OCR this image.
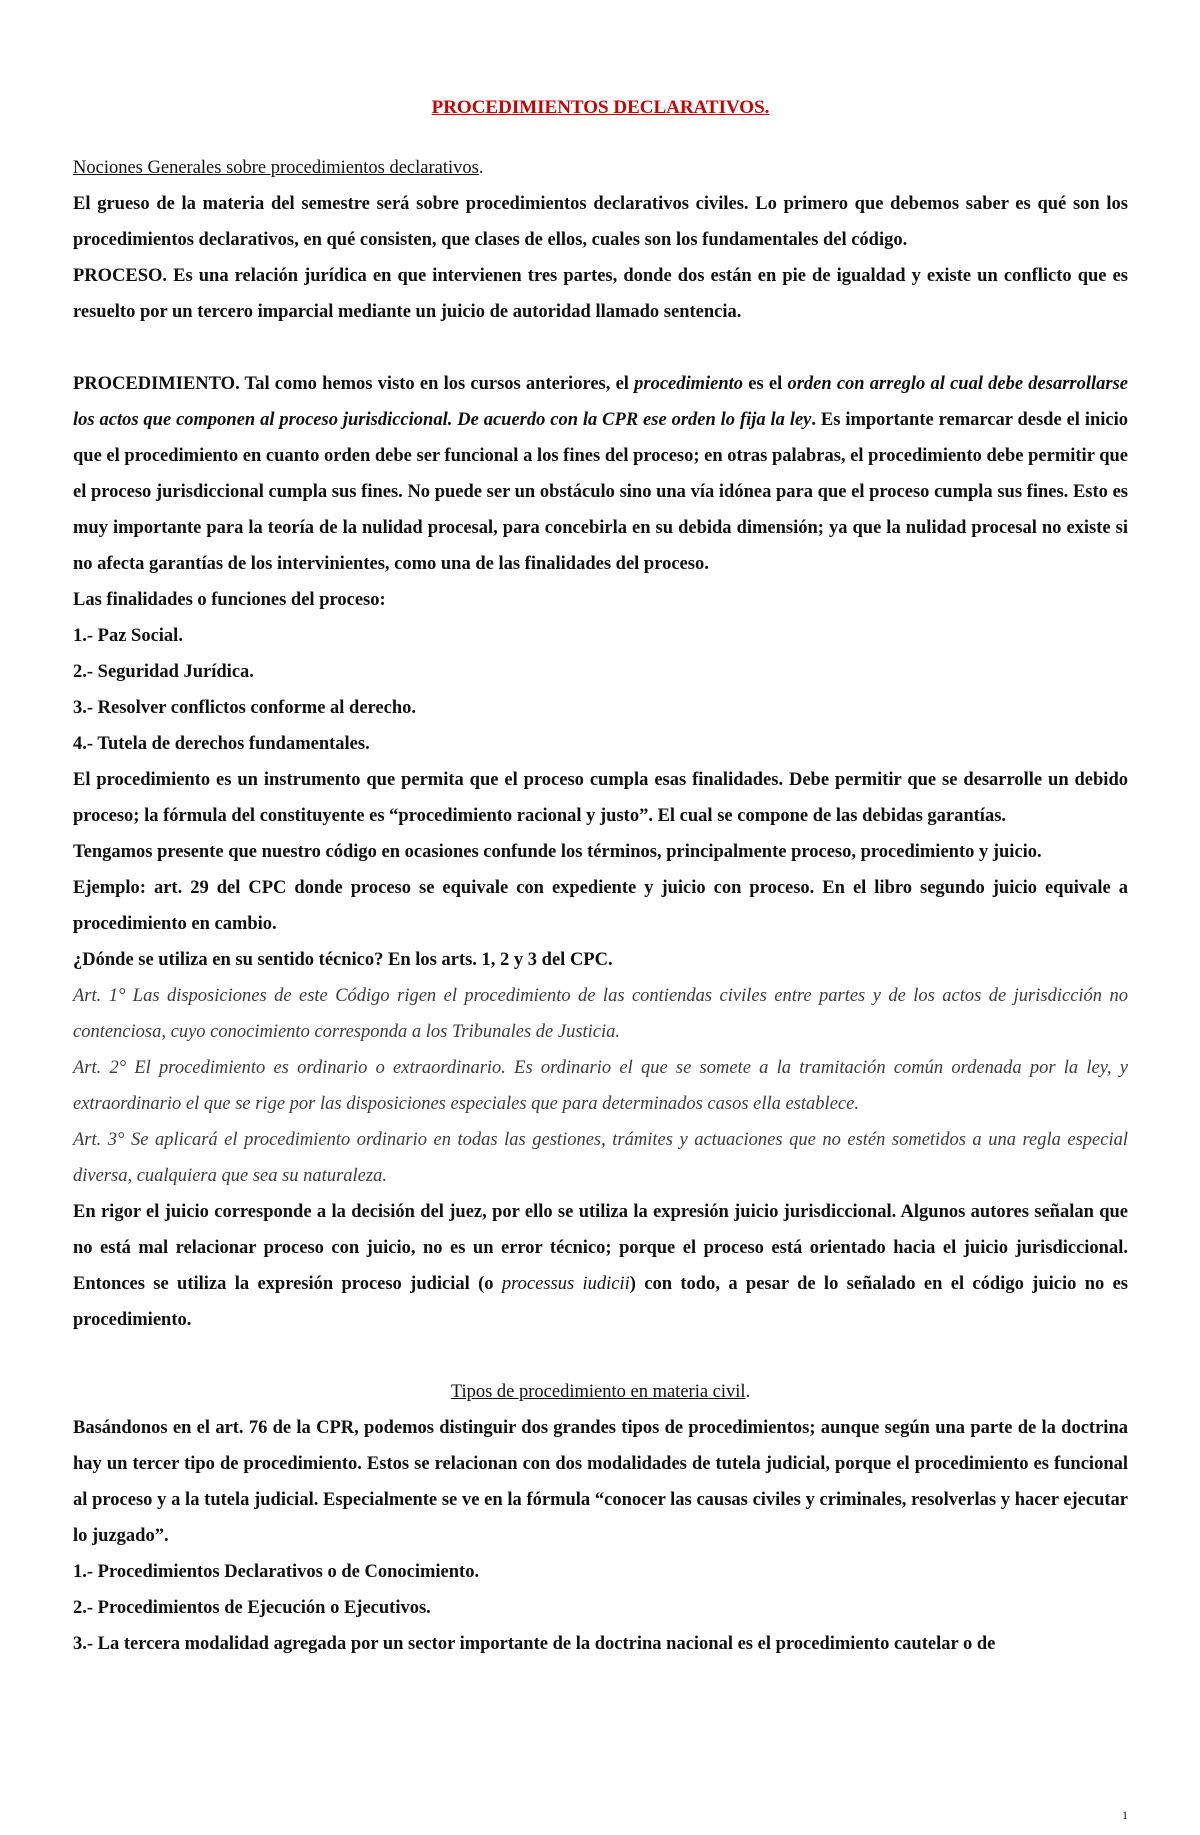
PROCEDIMIENTOS DECLARATIVOS.

Nociones Generales sobre procedimientos declarativos.

El grueso de la materia del semestre será sobre procedimientos declarativos civiles. Lo primero que debemos saber es qué son los procedimientos declarativos, en qué consisten, que clases de ellos, cuales son los fundamentales del código.

PROCESO. Es una relación jurídica en que intervienen tres partes, donde dos están en pie de igualdad y existe un conflicto que es resuelto por un tercero imparcial mediante un juicio de autoridad llamado sentencia.

PROCEDIMIENTO. Tal como hemos visto en los cursos anteriores, el procedimiento es el orden con arreglo al cual debe desarrollarse los actos que componen al proceso jurisdiccional. De acuerdo con la CPR ese orden lo fija la ley. Es importante remarcar desde el inicio que el procedimiento en cuanto orden debe ser funcional a los fines del proceso; en otras palabras, el procedimiento debe permitir que el proceso jurisdiccional cumpla sus fines. No puede ser un obstáculo sino una vía idónea para que el proceso cumpla sus fines. Esto es muy importante para la teoría de la nulidad procesal, para concebirla en su debida dimensión; ya que la nulidad procesal no existe si no afecta garantías de los intervinientes, como una de las finalidades del proceso.

Las finalidades o funciones del proceso:

1.- Paz Social.

2.- Seguridad Jurídica.

3.- Resolver conflictos conforme al derecho.

4.- Tutela de derechos fundamentales.

El procedimiento es un instrumento que permita que el proceso cumpla esas finalidades. Debe permitir que se desarrolle un debido proceso; la fórmula del constituyente es “procedimiento racional y justo”. El cual se compone de las debidas garantías.

Tengamos presente que nuestro código en ocasiones confunde los términos, principalmente proceso, procedimiento y juicio.

Ejemplo: art. 29 del CPC donde proceso se equivale con expediente y juicio con proceso. En el libro segundo juicio equivale a procedimiento en cambio.

¿Dónde se utiliza en su sentido técnico? En los arts. 1, 2 y 3 del CPC.

Art. 1° Las disposiciones de este Código rigen el procedimiento de las contiendas civiles entre partes y de los actos de jurisdicción no contenciosa, cuyo conocimiento corresponda a los Tribunales de Justicia.

Art. 2° El procedimiento es ordinario o extraordinario. Es ordinario el que se somete a la tramitación común ordenada por la ley, y extraordinario el que se rige por las disposiciones especiales que para determinados casos ella establece.

Art. 3° Se aplicará el procedimiento ordinario en todas las gestiones, trámites y actuaciones que no estén sometidos a una regla especial diversa, cualquiera que sea su naturaleza.

En rigor el juicio corresponde a la decisión del juez, por ello se utiliza la expresión juicio jurisdiccional. Algunos autores señalan que no está mal relacionar proceso con juicio, no es un error técnico; porque el proceso está orientado hacia el juicio jurisdiccional. Entonces se utiliza la expresión proceso judicial (o processus iudicii) con todo, a pesar de lo señalado en el código juicio no es procedimiento.

Tipos de procedimiento en materia civil.

Basándonos en el art. 76 de la CPR, podemos distinguir dos grandes tipos de procedimientos; aunque según una parte de la doctrina hay un tercer tipo de procedimiento. Estos se relacionan con dos modalidades de tutela judicial, porque el procedimiento es funcional al proceso y a la tutela judicial. Especialmente se ve en la fórmula “conocer las causas civiles y criminales, resolverlas y hacer ejecutar lo juzgado”.

1.- Procedimientos Declarativos o de Conocimiento.

2.- Procedimientos de Ejecución o Ejecutivos.

3.- La tercera modalidad agregada por un sector importante de la doctrina nacional es el procedimiento cautelar o de

1
